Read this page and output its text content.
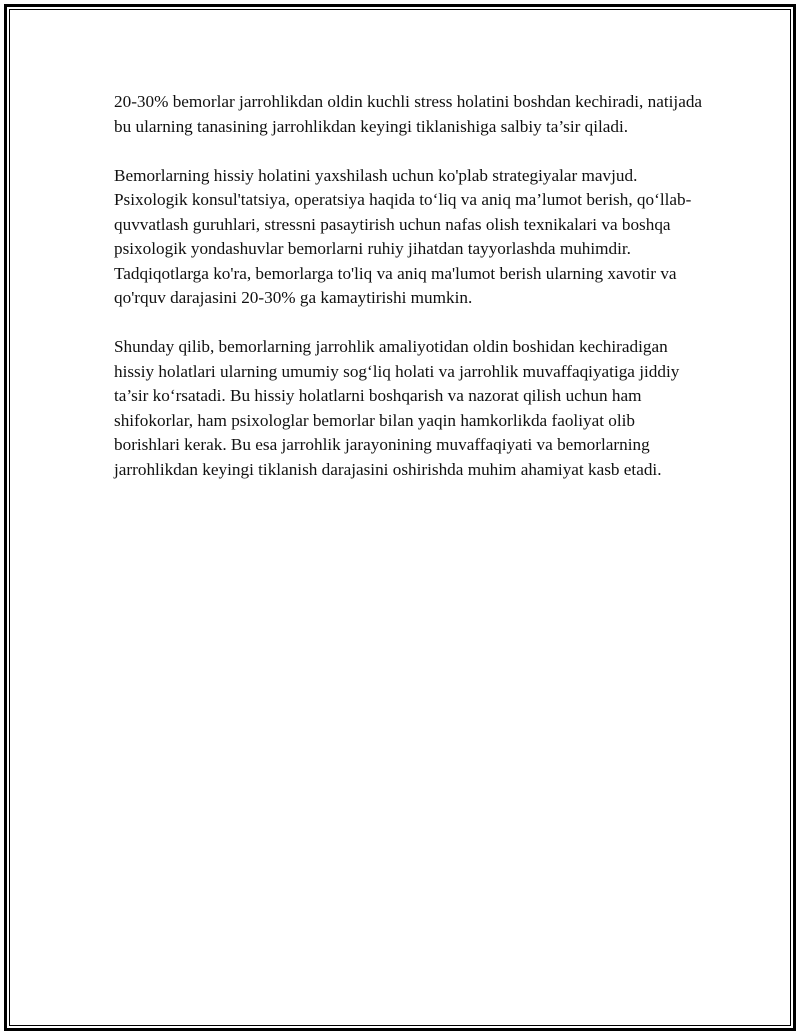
20-30% bemorlar jarrohlikdan oldin kuchli stress holatini boshdan kechiradi, natijada bu ularning tanasining jarrohlikdan keyingi tiklanishiga salbiy ta’sir qiladi.

Bemorlarning hissiy holatini yaxshilash uchun ko'plab strategiyalar mavjud. Psixologik konsul'tatsiya, operatsiya haqida to‘liq va aniq ma’lumot berish, qo‘llab-quvvatlash guruhlari, stressni pasaytirish uchun nafas olish texnikalari va boshqa psixologik yondashuvlar bemorlarni ruhiy jihatdan tayyorlashda muhimdir. Tadqiqotlarga ko'ra, bemorlarga to'liq va aniq ma'lumot berish ularning xavotir va qo'rquv darajasini 20-30% ga kamaytirishi mumkin.

Shunday qilib, bemorlarning jarrohlik amaliyotidan oldin boshidan kechiradigan hissiy holatlari ularning umumiy sog‘liq holati va jarrohlik muvaffaqiyatiga jiddiy ta’sir ko‘rsatadi. Bu hissiy holatlarni boshqarish va nazorat qilish uchun ham shifokorlar, ham psixologlar bemorlar bilan yaqin hamkorlikda faoliyat olib borishlari kerak. Bu esa jarrohlik jarayonining muvaffaqiyati va bemorlarning jarrohlikdan keyingi tiklanish darajasini oshirishda muhim ahamiyat kasb etadi.
